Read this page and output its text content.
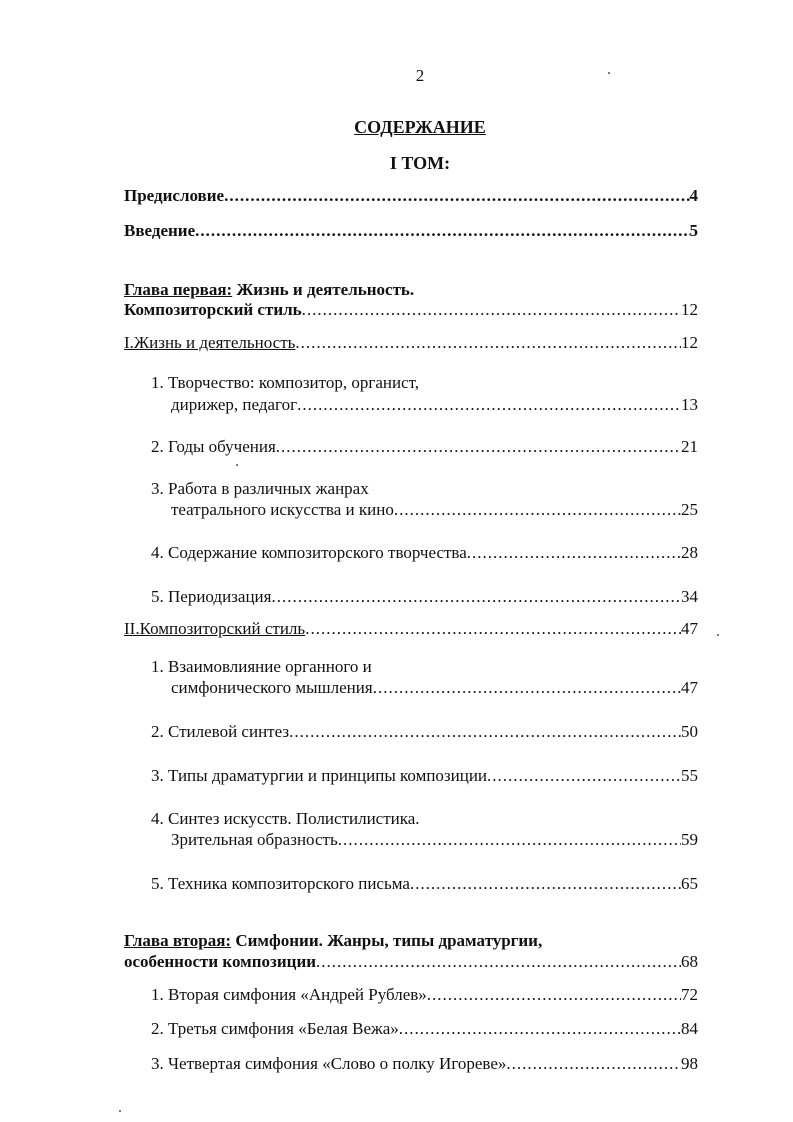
2
СОДЕРЖАНИЕ
I ТОМ:
Предисловие .....	4
Введение .....	5
Глава первая: Жизнь и деятельность.
Композиторский стиль .....	12
I.Жизнь и деятельность .....	12
1. Творчество: композитор, органист,
дирижер, педагог .....	13
2. Годы обучения .....	21
3. Работа в различных жанрах
театрального искусства и кино .....	25
4. Содержание композиторского творчества .....	28
5. Периодизация .....	34
II.Композиторский стиль .....	47
1. Взаимовлияние органного и
симфонического мышления .....	47
2. Стилевой синтез .....	50
3. Типы драматургии и принципы композиции .....	55
4. Синтез искусств. Полистилистика.
Зрительная образность .....	59
5. Техника композиторского письма .....	65
Глава вторая: Симфонии. Жанры, типы драматургии,
особенности композиции .....	68
1. Вторая симфония «Андрей Рублев» .....	72
2. Третья симфония «Белая Вежа» .....	84
3. Четвертая симфония «Слово о полку Игореве» .....	98
